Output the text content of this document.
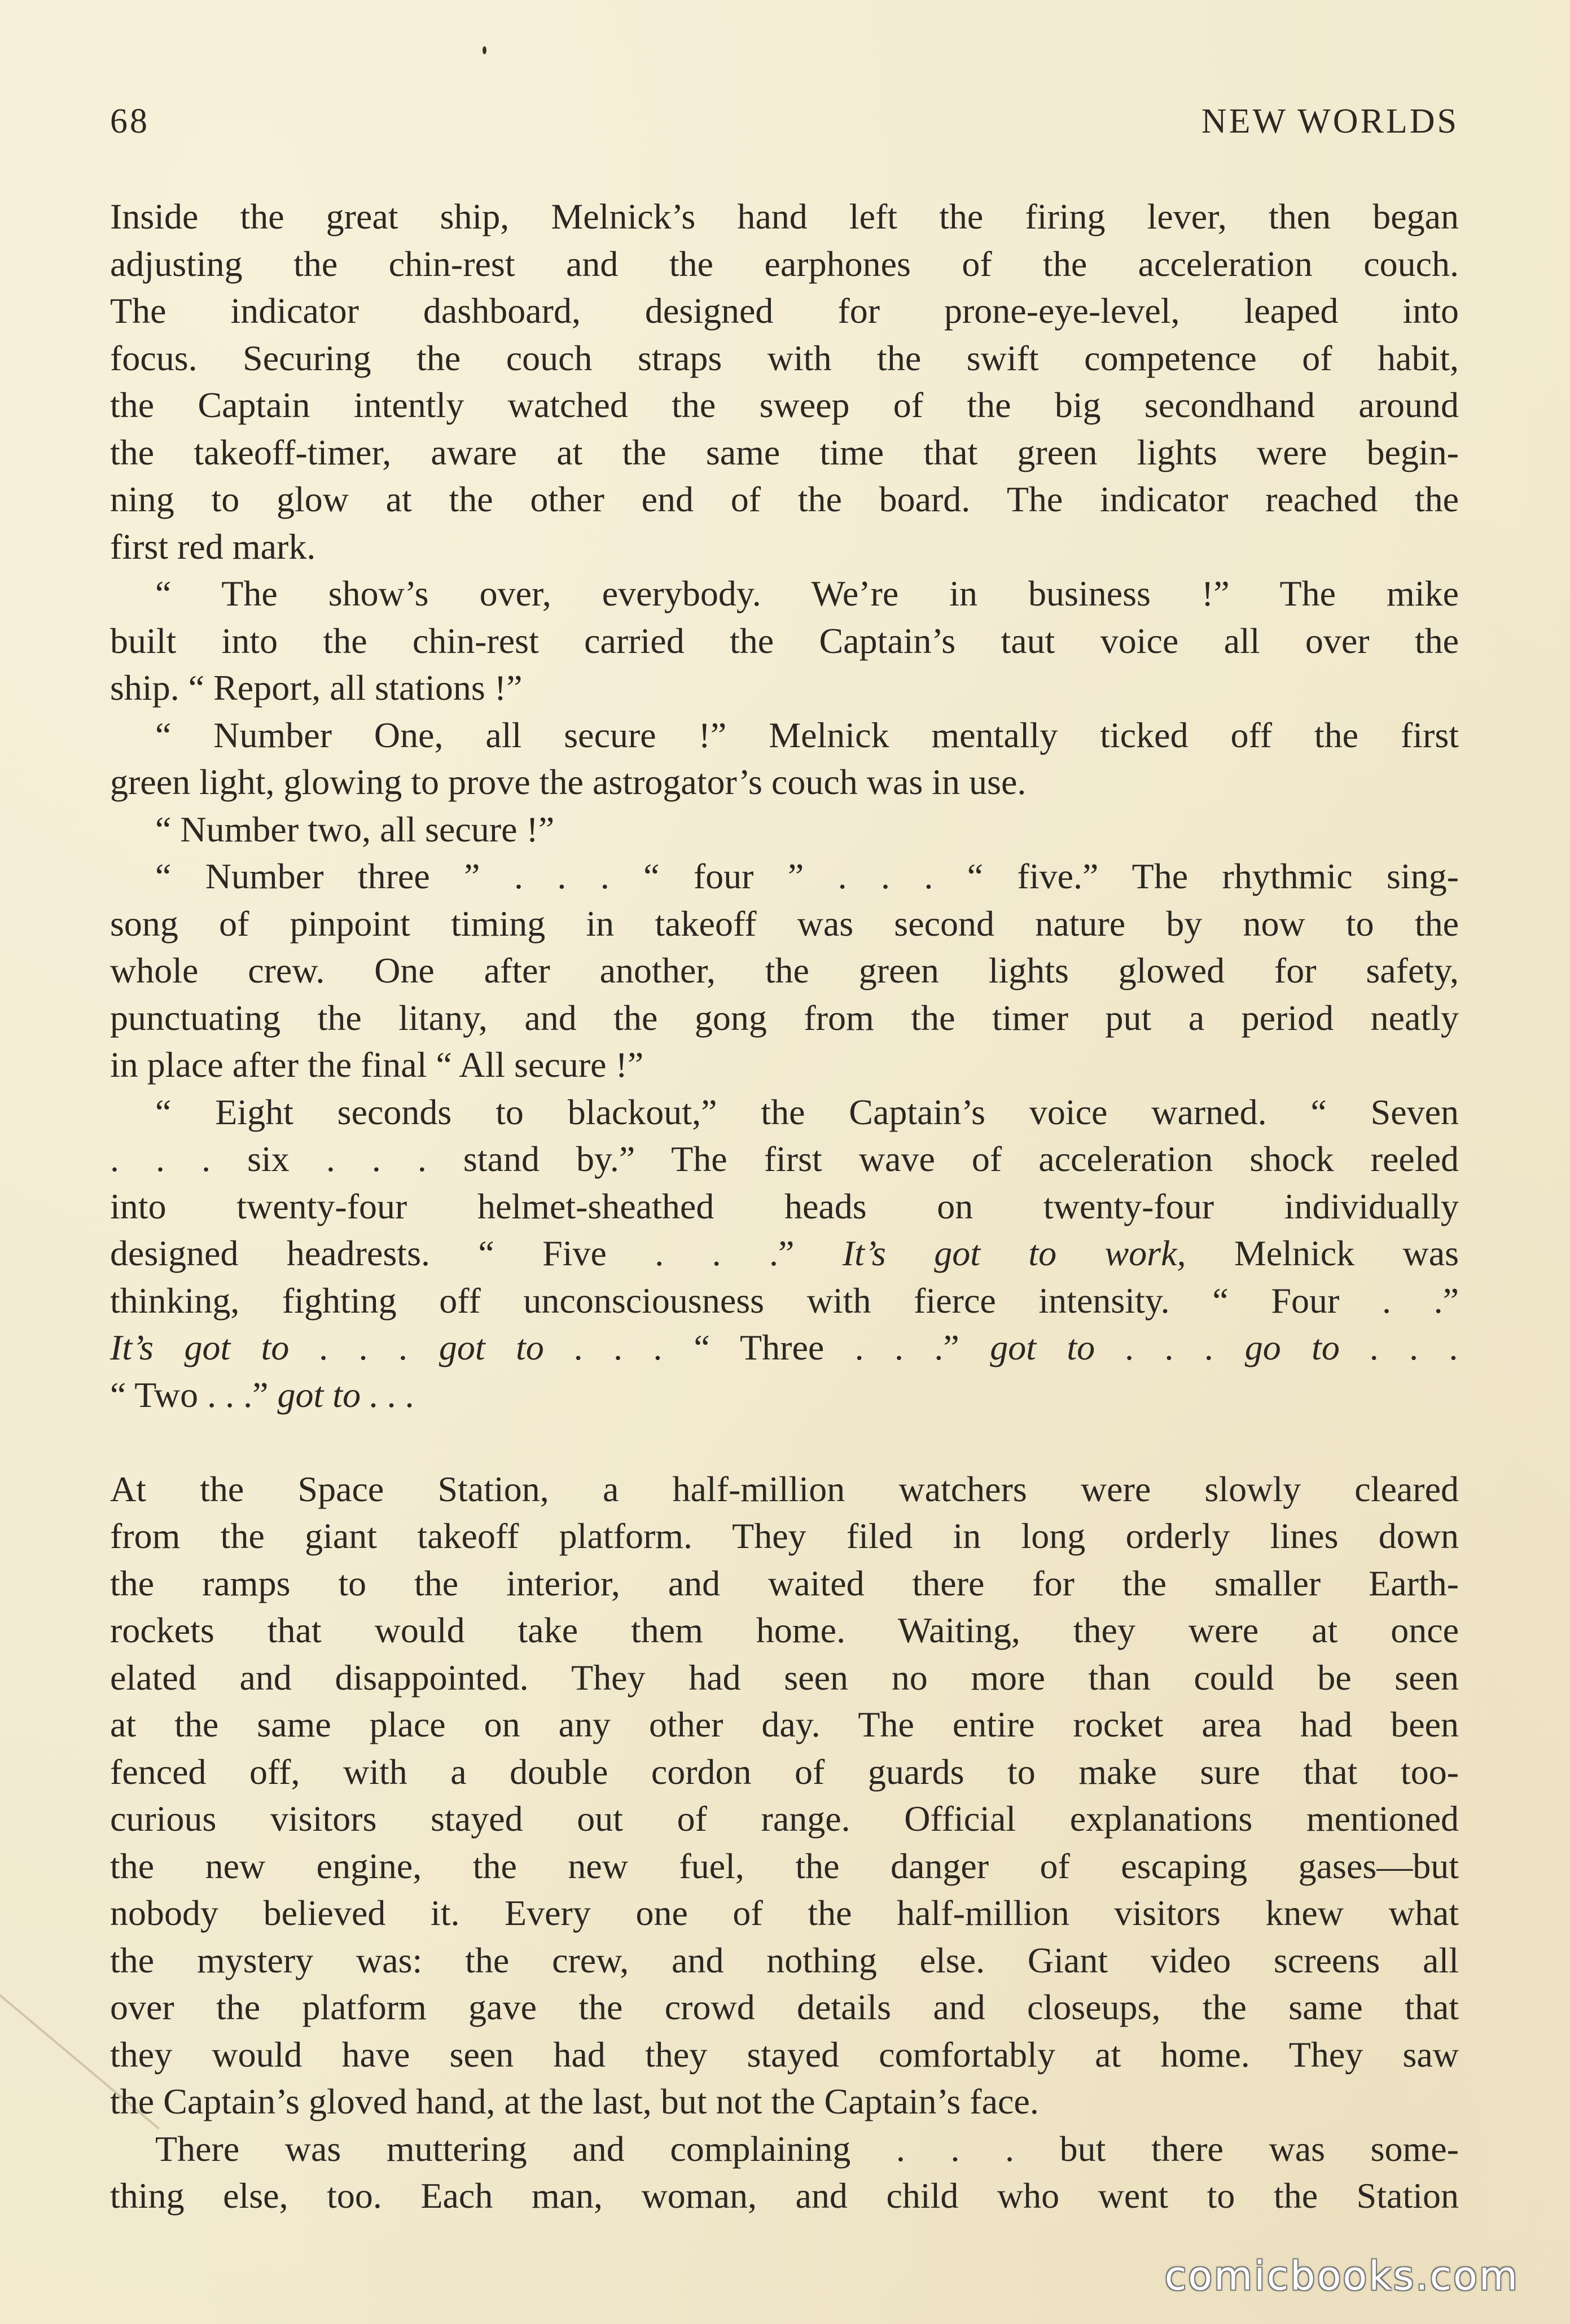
68	NEW WORLDS
Inside the great ship, Melnick’s hand left the firing lever, then began
adjusting the chin-rest and the earphones of the acceleration couch.
The indicator dashboard, designed for prone-eye-level, leaped into
focus. Securing the couch straps with the swift competence of habit,
the Captain intently watched the sweep of the big secondhand around
the takeoff-timer, aware at the same time that green lights were begin-
ning to glow at the other end of the board. The indicator reached the
first red mark.
“ The show’s over, everybody. We’re in business !” The mike
built into the chin-rest carried the Captain’s taut voice all over the
ship. “ Report, all stations !”
“ Number One, all secure !” Melnick mentally ticked off the first
green light, glowing to prove the astrogator’s couch was in use.
“ Number two, all secure !”
“ Number three ” . . . “ four ” . . . “ five.” The rhythmic sing-
song of pinpoint timing in takeoff was second nature by now to the
whole crew. One after another, the green lights glowed for safety,
punctuating the litany, and the gong from the timer put a period neatly
in place after the final “ All secure !”
“ Eight seconds to blackout,” the Captain’s voice warned. “ Seven
. . . six . . . stand by.” The first wave of acceleration shock reeled
into twenty-four helmet-sheathed heads on twenty-four individually
designed headrests. “ Five . . .” It’s got to work, Melnick was
thinking, fighting off unconsciousness with fierce intensity. “ Four . .”
It’s got to . . . got to . . . “ Three . . .” got to . . . go to . . .
“ Two . . .” got to . . .
At the Space Station, a half-million watchers were slowly cleared
from the giant takeoff platform. They filed in long orderly lines down
the ramps to the interior, and waited there for the smaller Earth-
rockets that would take them home. Waiting, they were at once
elated and disappointed. They had seen no more than could be seen
at the same place on any other day. The entire rocket area had been
fenced off, with a double cordon of guards to make sure that too-
curious visitors stayed out of range. Official explanations mentioned
the new engine, the new fuel, the danger of escaping gases—but
nobody believed it. Every one of the half-million visitors knew what
the mystery was: the crew, and nothing else. Giant video screens all
over the platform gave the crowd details and closeups, the same that
they would have seen had they stayed comfortably at home. They saw
the Captain’s gloved hand, at the last, but not the Captain’s face.
There was muttering and complaining . . . but there was some-
thing else, too. Each man, woman, and child who went to the Station
comicbooks.com
